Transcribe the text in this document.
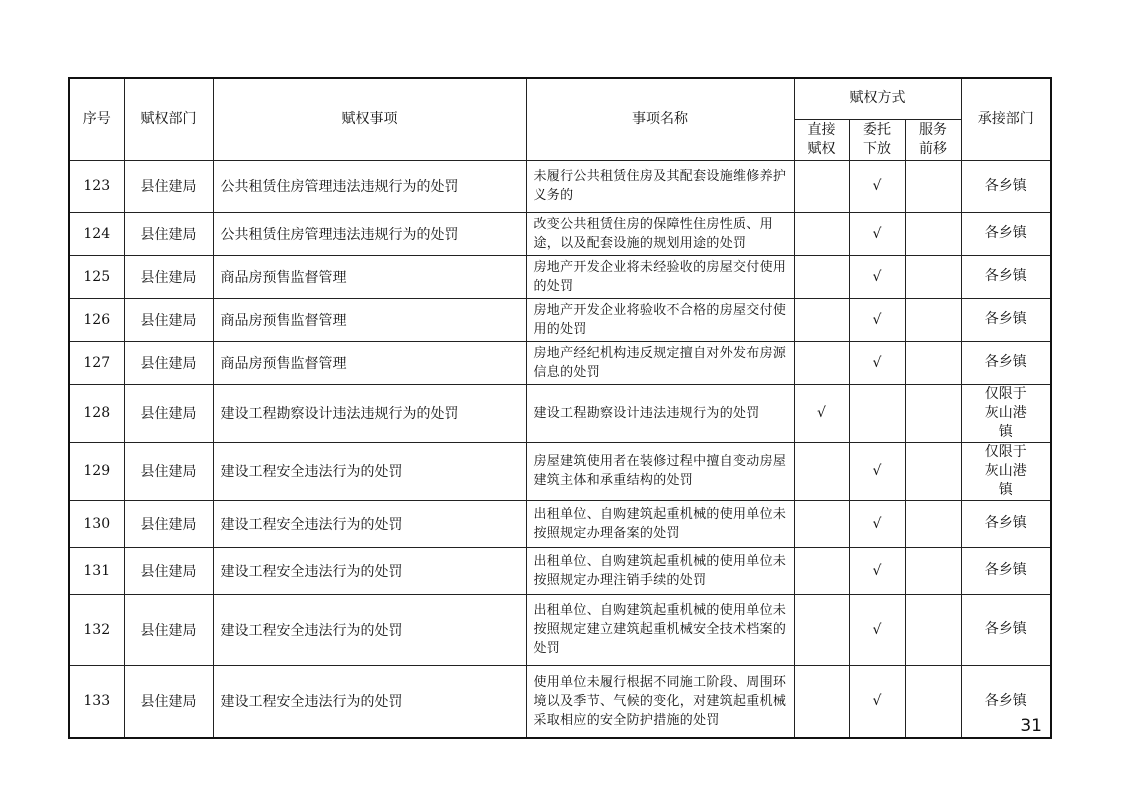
序号	赋权部门	赋权事项	事项名称	赋权方式			承接部门

				直接赋权	委托下放	服务前移	

123	县住建局	公共租赁住房管理违法违规行为的处罚	未履行公共租赁住房及其配套设施维修养护义务的		√		各乡镇
124	县住建局	公共租赁住房管理违法违规行为的处罚	改变公共租赁住房的保障性住房性质、用途，以及配套设施的规划用途的处罚		√		各乡镇
125	县住建局	商品房预售监督管理	房地产开发企业将未经验收的房屋交付使用的处罚		√		各乡镇
126	县住建局	商品房预售监督管理	房地产开发企业将验收不合格的房屋交付使用的处罚		√		各乡镇
127	县住建局	商品房预售监督管理	房地产经纪机构违反规定擅自对外发布房源信息的处罚		√		各乡镇
128	县住建局	建设工程勘察设计违法违规行为的处罚	建设工程勘察设计违法违规行为的处罚	√			仅限于灰山港镇
129	县住建局	建设工程安全违法行为的处罚	房屋建筑使用者在装修过程中擅自变动房屋建筑主体和承重结构的处罚		√		仅限于灰山港镇
130	县住建局	建设工程安全违法行为的处罚	出租单位、自购建筑起重机械的使用单位未按照规定办理备案的处罚		√		各乡镇
131	县住建局	建设工程安全违法行为的处罚	出租单位、自购建筑起重机械的使用单位未按照规定办理注销手续的处罚		√		各乡镇
132	县住建局	建设工程安全违法行为的处罚	出租单位、自购建筑起重机械的使用单位未按照规定建立建筑起重机械安全技术档案的处罚		√		各乡镇
133	县住建局	建设工程安全违法行为的处罚	使用单位未履行根据不同施工阶段、周围环境以及季节、气候的变化，对建筑起重机械采取相应的安全防护措施的处罚		√		各乡镇
31
